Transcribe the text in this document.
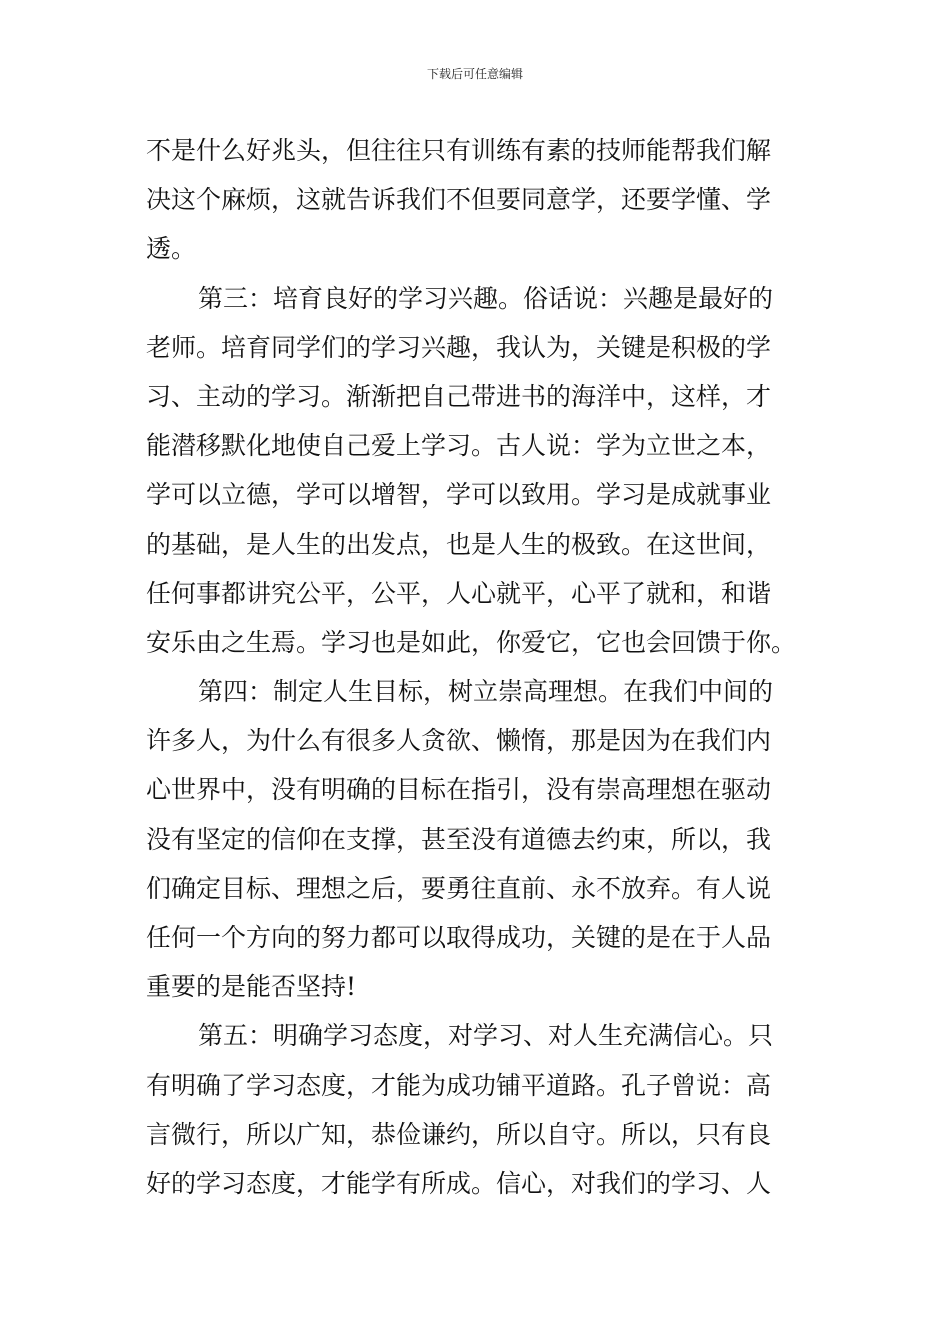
下载后可任意编辑
不是什么好兆头，但往往只有训练有素的技师能帮我们解
决这个麻烦，这就告诉我们不但要同意学，还要学懂、学
透。
第三：培育良好的学习兴趣。俗话说：兴趣是最好的
老师。培育同学们的学习兴趣，我认为，关键是积极的学
习、主动的学习。渐渐把自己带进书的海洋中，这样，才
能潜移默化地使自己爱上学习。古人说：学为立世之本，
学可以立德，学可以增智，学可以致用。学习是成就事业
的基础，是人生的出发点，也是人生的极致。在这世间，
任何事都讲究公平，公平，人心就平，心平了就和，和谐
安乐由之生焉。学习也是如此，你爱它，它也会回馈于你。
第四：制定人生目标，树立崇高理想。在我们中间的
许多人，为什么有很多人贪欲、懒惰，那是因为在我们内
心世界中，没有明确的目标在指引，没有崇高理想在驱动
没有坚定的信仰在支撑，甚至没有道德去约束，所以，我
们确定目标、理想之后，要勇往直前、永不放弃。有人说
任何一个方向的努力都可以取得成功，关键的是在于人品
重要的是能否坚持!
第五：明确学习态度，对学习、对人生充满信心。只
有明确了学习态度，才能为成功铺平道路。孔子曾说：高
言微行，所以广知，恭俭谦约，所以自守。所以，只有良
好的学习态度，才能学有所成。信心，对我们的学习、人
